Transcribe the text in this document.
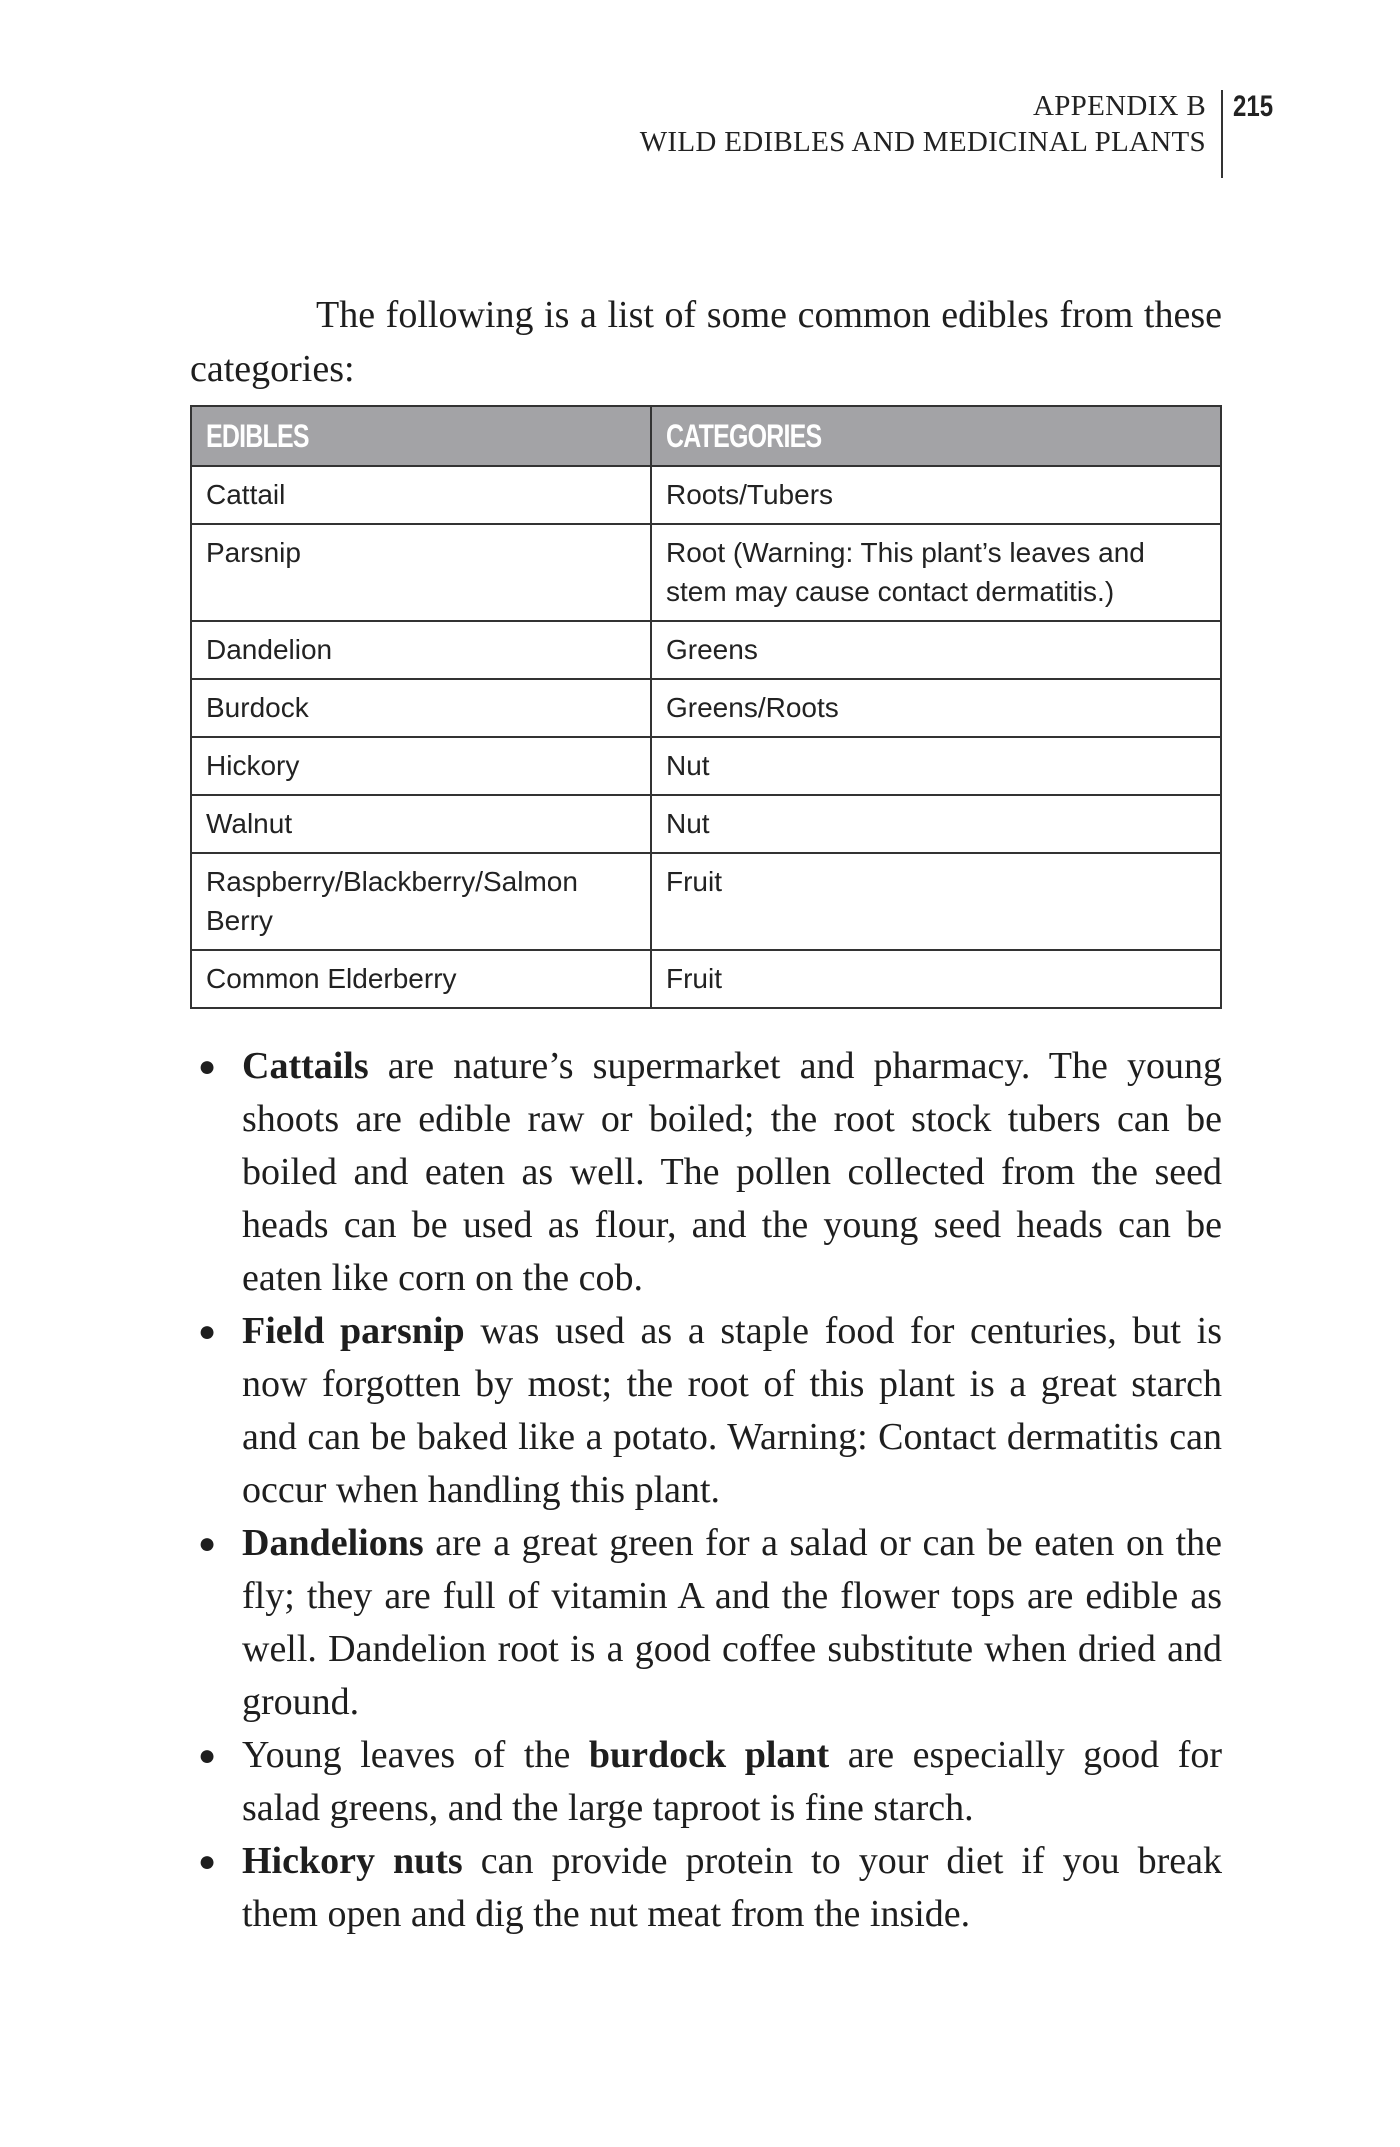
APPENDIX B
WILD EDIBLES AND MEDICINAL PLANTS
215

The following is a list of some common edibles from these categories:

EDIBLES	CATEGORIES
Cattail	Roots/Tubers
Parsnip	Root (Warning: This plant’s leaves and stem may cause contact dermatitis.)
Dandelion	Greens
Burdock	Greens/Roots
Hickory	Nut
Walnut	Nut
Raspberry/Blackberry/Salmon Berry	Fruit
Common Elderberry	Fruit
● Cattails are nature’s supermarket and pharmacy. The young shoots are edible raw or boiled; the root stock tubers can be boiled and eaten as well. The pollen collected from the seed heads can be used as flour, and the young seed heads can be eaten like corn on the cob.
● Field parsnip was used as a staple food for centuries, but is now forgotten by most; the root of this plant is a great starch and can be baked like a potato. Warning: Contact dermatitis can occur when handling this plant.
● Dandelions are a great green for a salad or can be eaten on the fly; they are full of vitamin A and the flower tops are edible as well. Dandelion root is a good coffee substitute when dried and ground.
● Young leaves of the burdock plant are especially good for salad greens, and the large taproot is fine starch.
● Hickory nuts can provide protein to your diet if you break them open and dig the nut meat from the inside.
